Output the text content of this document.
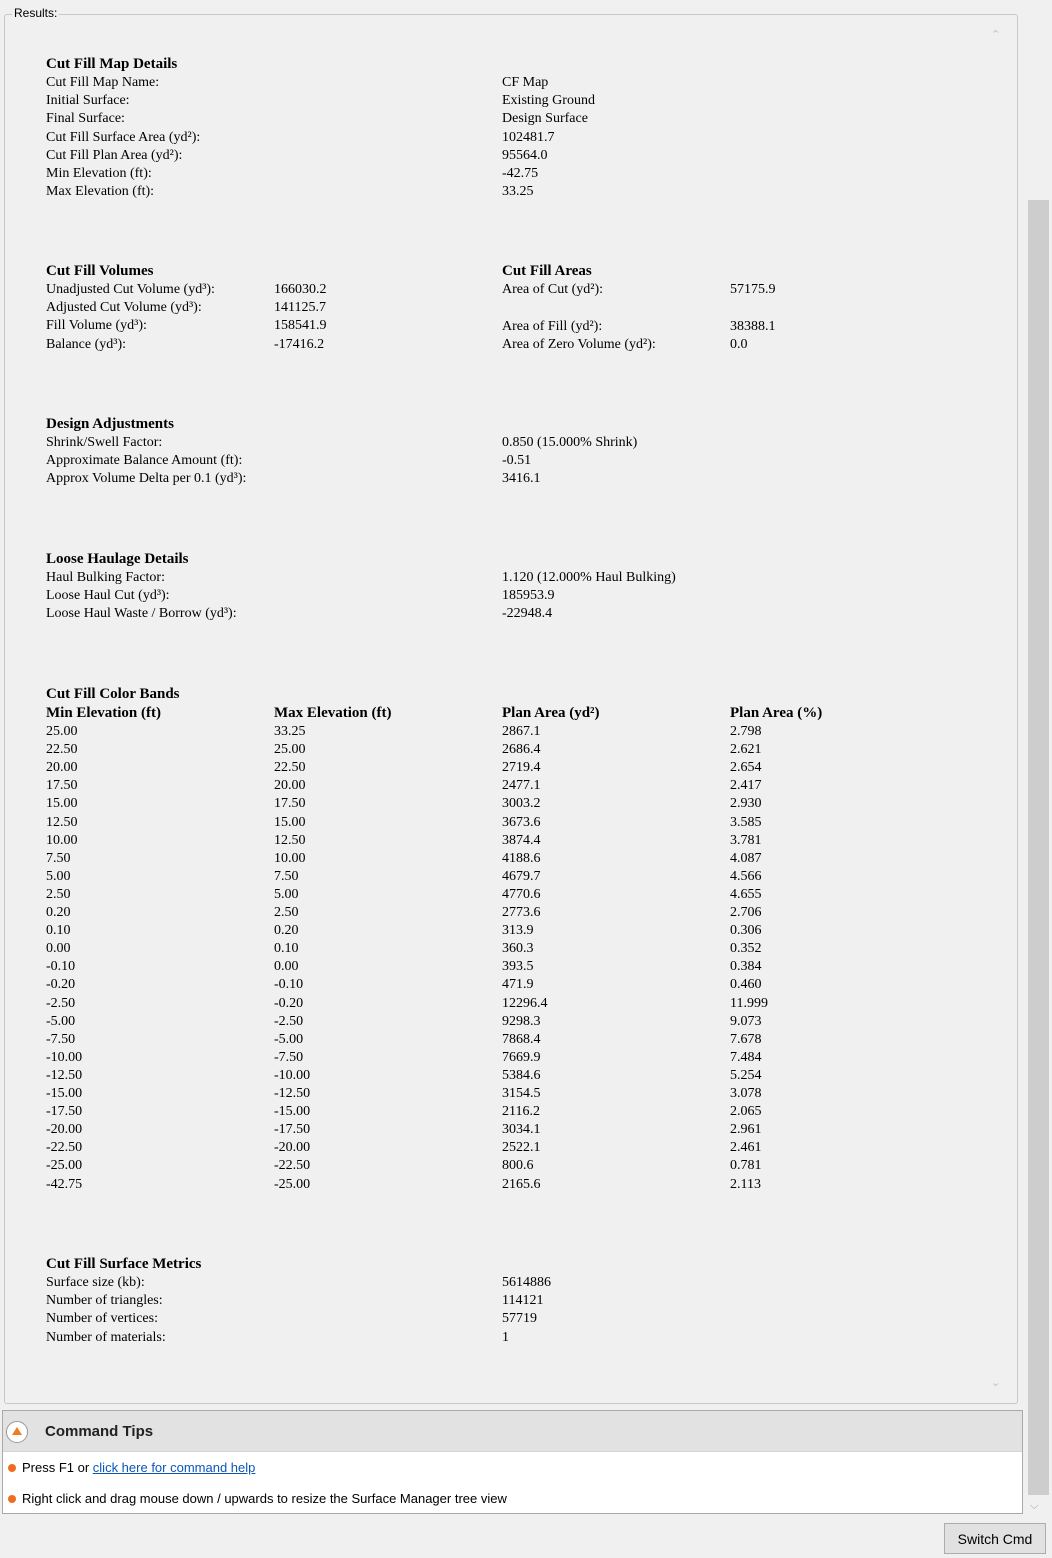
⌵
Results:
Cut Fill Map Details
Cut Fill Map Name:	CF Map
Initial Surface:	Existing Ground
Final Surface:	Design Surface
Cut Fill Surface Area (yd²):	102481.7
Cut Fill Plan Area (yd²):	95564.0
Min Elevation (ft):	-42.75
Max Elevation (ft):	33.25
Cut Fill Volumes
Unadjusted Cut Volume (yd³):	166030.2
Adjusted Cut Volume (yd³):	141125.7
Fill Volume (yd³):	158541.9
Balance (yd³):	-17416.2
Cut Fill Areas
Area of Cut (yd²):	57175.9
Area of Fill (yd²):	38388.1
Area of Zero Volume (yd²):	0.0
Design Adjustments
Shrink/Swell Factor:	0.850 (15.000% Shrink)
Approximate Balance Amount (ft):	-0.51
Approx Volume Delta per 0.1 (yd³):	3416.1
Loose Haulage Details
Haul Bulking Factor:	1.120 (12.000% Haul Bulking)
Loose Haul Cut (yd³):	185953.9
Loose Haul Waste / Borrow (yd³):	-22948.4
Cut Fill Color Bands
Min Elevation (ft)	Max Elevation (ft)	Plan Area (yd²)	Plan Area (%)
25.00	33.25	2867.1	2.798
22.50	25.00	2686.4	2.621
20.00	22.50	2719.4	2.654
17.50	20.00	2477.1	2.417
15.00	17.50	3003.2	2.930
12.50	15.00	3673.6	3.585
10.00	12.50	3874.4	3.781
7.50	10.00	4188.6	4.087
5.00	7.50	4679.7	4.566
2.50	5.00	4770.6	4.655
0.20	2.50	2773.6	2.706
0.10	0.20	313.9	0.306
0.00	0.10	360.3	0.352
-0.10	0.00	393.5	0.384
-0.20	-0.10	471.9	0.460
-2.50	-0.20	12296.4	11.999
-5.00	-2.50	9298.3	9.073
-7.50	-5.00	7868.4	7.678
-10.00	-7.50	7669.9	7.484
-12.50	-10.00	5384.6	5.254
-15.00	-12.50	3154.5	3.078
-17.50	-15.00	2116.2	2.065
-20.00	-17.50	3034.1	2.961
-22.50	-20.00	2522.1	2.461
-25.00	-22.50	800.6	0.781
-42.75	-25.00	2165.6	2.113
Cut Fill Surface Metrics
Surface size (kb):	5614886
Number of triangles:	114121
Number of vertices:	57719
Number of materials:	1
⌃
⌄
Command Tips
Press F1 or click here for command help
Right click and drag mouse down / upwards to resize the Surface Manager tree view
Switch Cmd
